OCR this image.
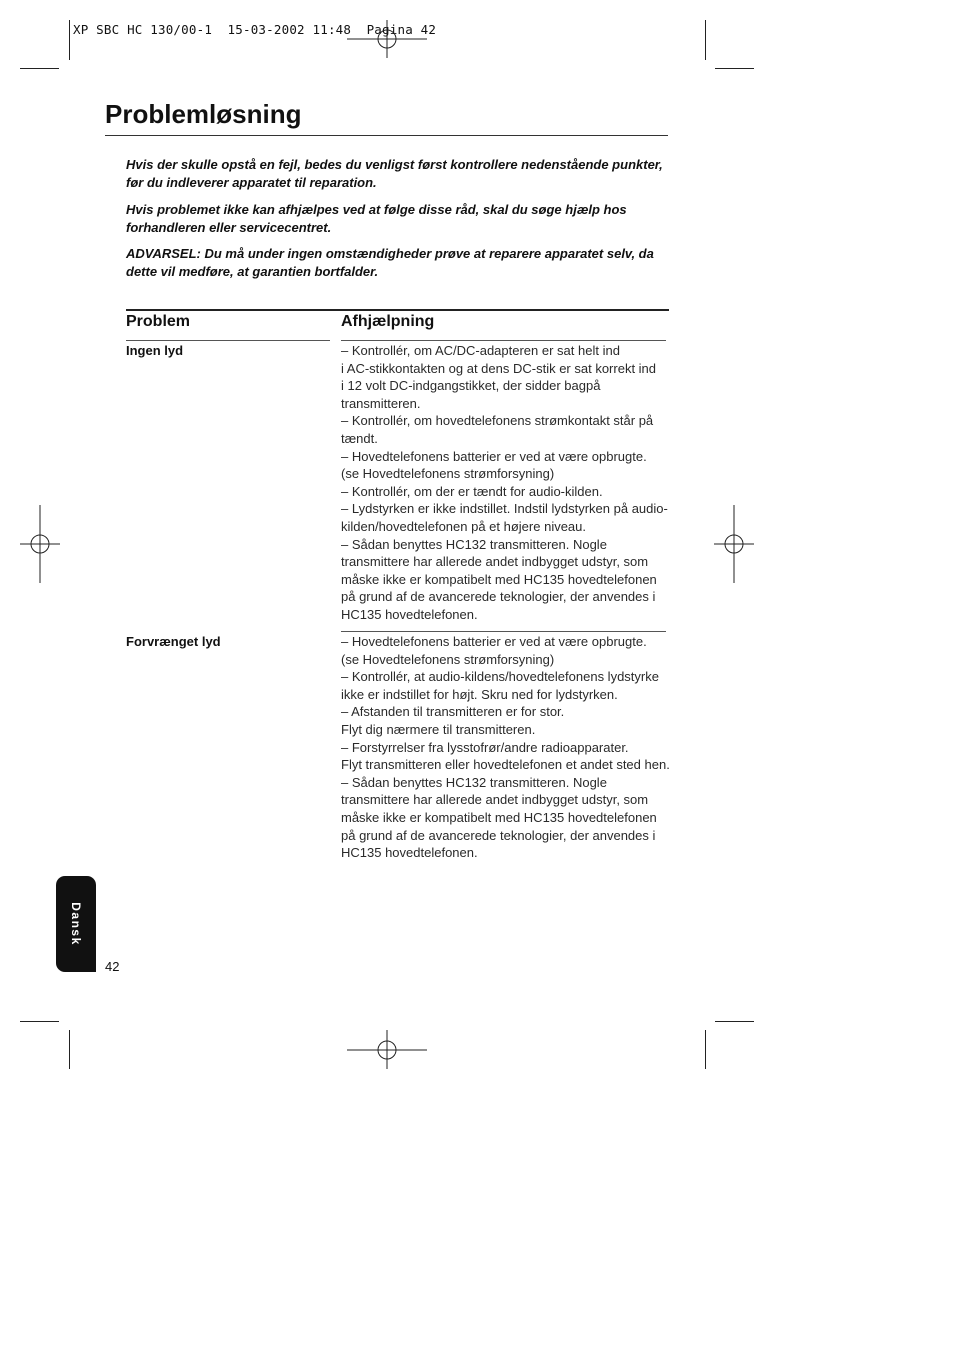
XP SBC HC 130/00-1  15-03-2002 11:48  Pagina 42
Problemløsning

Hvis der skulle opstå en fejl, bedes du venligst først kontrollere nedenstående punkter, før du indleverer apparatet til reparation.

Hvis problemet ikke kan afhjælpes ved at følge disse råd, skal du søge hjælp hos forhandleren eller servicecentret.

ADVARSEL: Du må under ingen omstændigheder prøve at reparere apparatet selv, da dette vil medføre, at garantien bortfalder.

Problem	Afhjælpning
Ingen lyd	– Kontrollér, om AC/DC-adapteren er sat helt ind
i AC-stikkontakten og at dens DC-stik er sat korrekt ind
i 12 volt DC-indgangstikket, der sidder bagpå
transmitteren.
– Kontrollér, om hovedtelefonens strømkontakt står på
tændt.
– Hovedtelefonens batterier er ved at være opbrugte.
(se Hovedtelefonens strømforsyning)
– Kontrollér, om der er tændt for audio-kilden.
– Lydstyrken er ikke indstillet. Indstil lydstyrken på audio-
kilden/hovedtelefonen på et højere niveau.
– Sådan benyttes HC132 transmitteren. Nogle
transmittere har allerede andet indbygget udstyr, som
måske ikke er kompatibelt med HC135 hovedtelefonen
på grund af de avancerede teknologier, der anvendes i
HC135 hovedtelefonen.
Forvrænget lyd	– Hovedtelefonens batterier er ved at være opbrugte.
(se Hovedtelefonens strømforsyning)
– Kontrollér, at audio-kildens/hovedtelefonens lydstyrke
ikke er indstillet for højt. Skru ned for lydstyrken.
– Afstanden til transmitteren er for stor.
Flyt dig nærmere til transmitteren.
– Forstyrrelser fra lysstofrør/andre radioapparater.
Flyt transmitteren eller hovedtelefonen et andet sted hen.
– Sådan benyttes HC132 transmitteren. Nogle
transmittere har allerede andet indbygget udstyr, som
måske ikke er kompatibelt med HC135 hovedtelefonen
på grund af de avancerede teknologier, der anvendes i
HC135 hovedtelefonen.
Dansk
42
